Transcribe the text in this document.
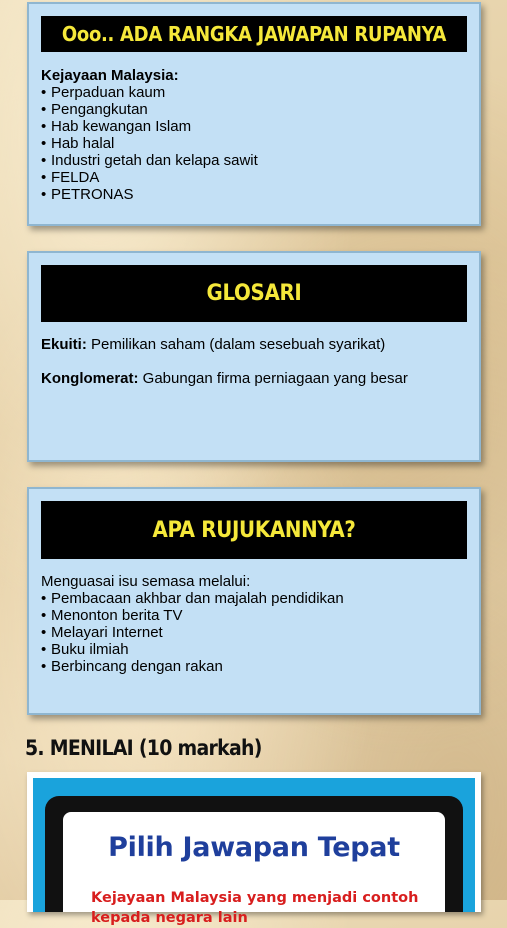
Ooo.. ADA RANGKA JAWAPAN RUPANYA
Kejayaan Malaysia:
• Perpaduan kaum
• Pengangkutan
• Hab kewangan Islam
• Hab halal
• Industri getah dan kelapa sawit
• FELDA
• PETRONAS
GLOSARI
Ekuiti: Pemilikan saham (dalam sesebuah syarikat)
Konglomerat: Gabungan firma perniagaan yang besar
APA RUJUKANNYA?
Menguasai isu semasa melalui:
• Pembacaan akhbar dan majalah pendidikan
• Menonton berita TV
• Melayari Internet
• Buku ilmiah
• Berbincang dengan rakan
5. MENILAI (10 markah)
Pilih Jawapan Tepat
Kejayaan Malaysia yang menjadi contoh kepada negara lain
